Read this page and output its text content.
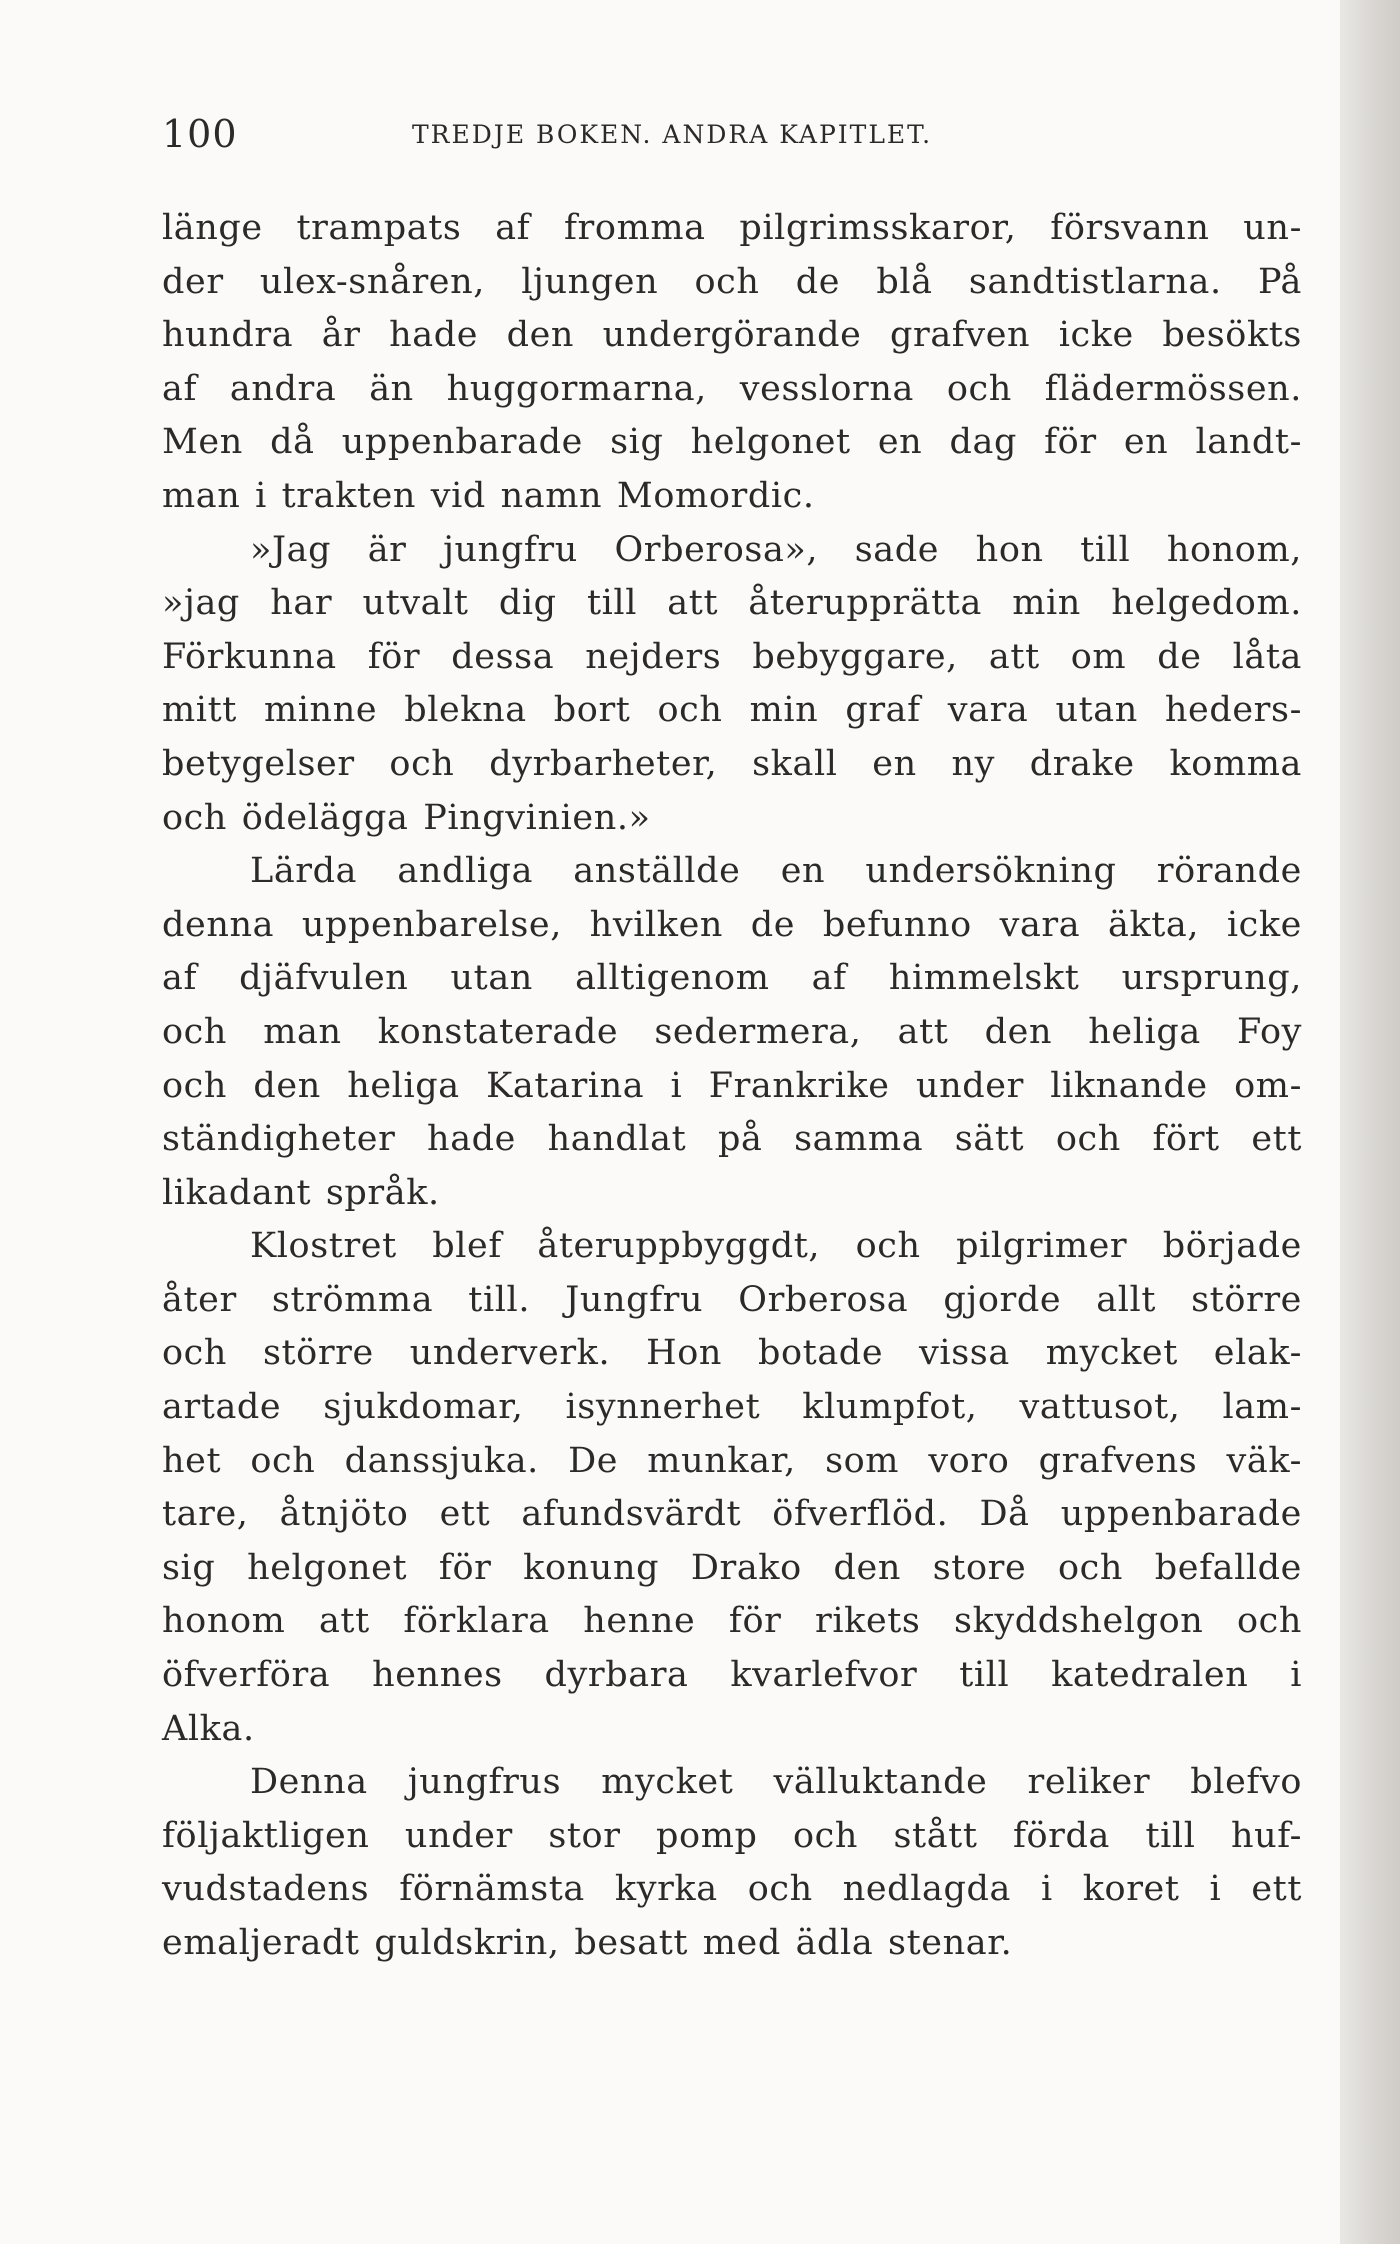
100	TREDJE BOKEN. ANDRA KAPITLET.
länge trampats af fromma pilgrimsskaror, försvann un-
der ulex-snåren, ljungen och de blå sandtistlarna. På
hundra år hade den undergörande grafven icke besökts
af andra än huggormarna, vesslorna och flädermössen.
Men då uppenbarade sig helgonet en dag för en landt-
man i trakten vid namn Momordic.
»Jag är jungfru Orberosa», sade hon till honom,
»jag har utvalt dig till att återupprätta min helgedom.
Förkunna för dessa nejders bebyggare, att om de låta
mitt minne blekna bort och min graf vara utan heders-
betygelser och dyrbarheter, skall en ny drake komma
och ödelägga Pingvinien.»
Lärda andliga anställde en undersökning rörande
denna uppenbarelse, hvilken de befunno vara äkta, icke
af djäfvulen utan alltigenom af himmelskt ursprung,
och man konstaterade sedermera, att den heliga Foy
och den heliga Katarina i Frankrike under liknande om-
ständigheter hade handlat på samma sätt och fört ett
likadant språk.
Klostret blef återuppbyggdt, och pilgrimer började
åter strömma till. Jungfru Orberosa gjorde allt större
och större underverk. Hon botade vissa mycket elak-
artade sjukdomar, isynnerhet klumpfot, vattusot, lam-
het och danssjuka. De munkar, som voro grafvens väk-
tare, åtnjöto ett afundsvärdt öfverflöd. Då uppenbarade
sig helgonet för konung Drako den store och befallde
honom att förklara henne för rikets skyddshelgon och
öfverföra hennes dyrbara kvarlefvor till katedralen i
Alka.
Denna jungfrus mycket välluktande reliker blefvo
följaktligen under stor pomp och stått förda till huf-
vudstadens förnämsta kyrka och nedlagda i koret i ett
emaljeradt guldskrin, besatt med ädla stenar.
